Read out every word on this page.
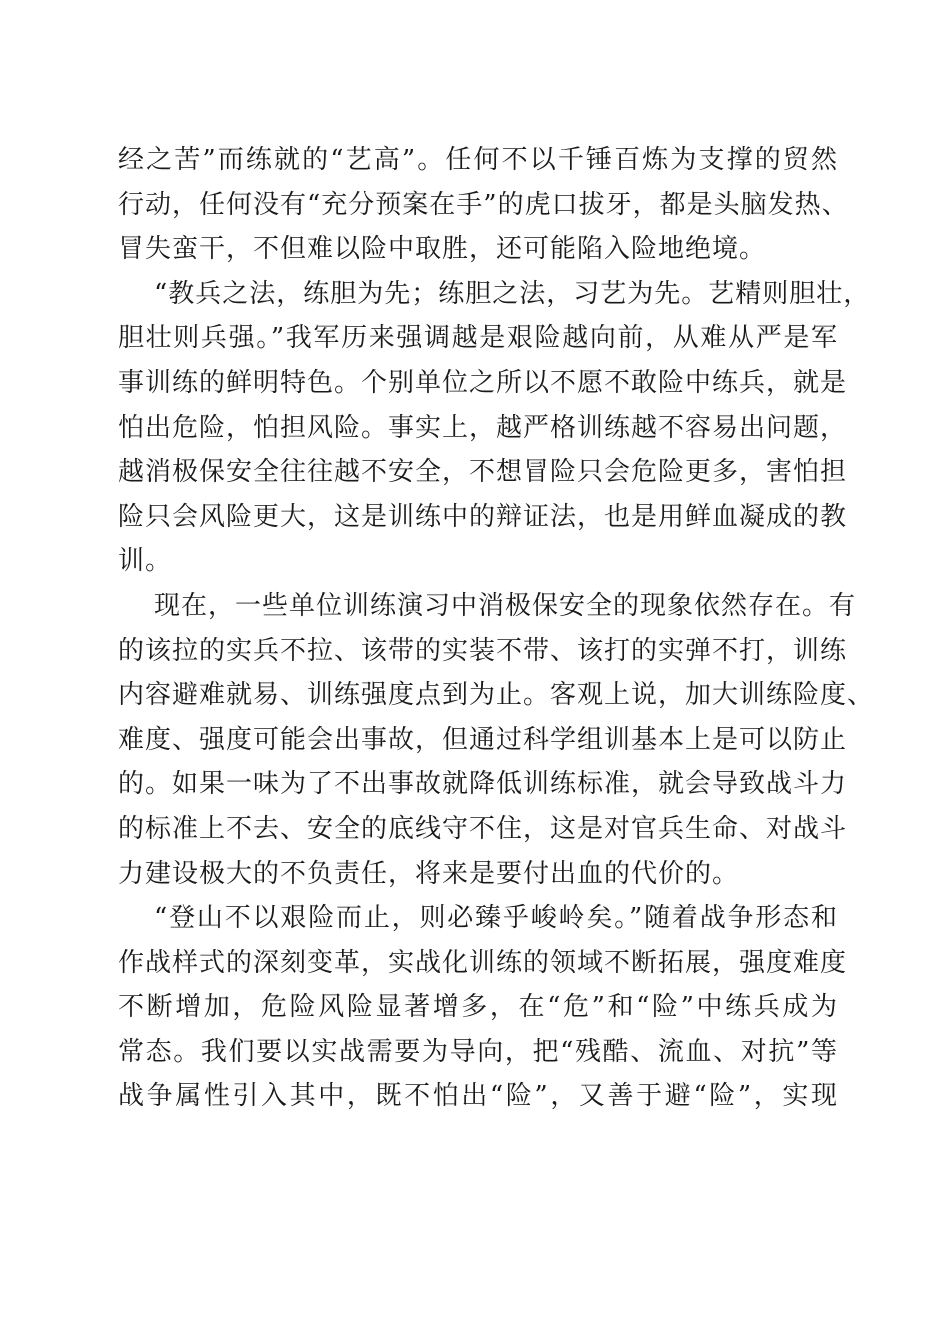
经之苦”而练就的“艺高”。任何不以千锤百炼为支撑的贸然
行动，任何没有“充分预案在手”的虎口拔牙，都是头脑发热、
冒失蛮干，不但难以险中取胜，还可能陷入险地绝境。
“教兵之法，练胆为先；练胆之法，习艺为先。艺精则胆壮，
胆壮则兵强。”我军历来强调越是艰险越向前，从难从严是军
事训练的鲜明特色。个别单位之所以不愿不敢险中练兵，就是
怕出危险，怕担风险。事实上，越严格训练越不容易出问题，
越消极保安全往往越不安全，不想冒险只会危险更多，害怕担
险只会风险更大，这是训练中的辩证法，也是用鲜血凝成的教
训。
现在，一些单位训练演习中消极保安全的现象依然存在。有
的该拉的实兵不拉、该带的实装不带、该打的实弹不打，训练
内容避难就易、训练强度点到为止。客观上说，加大训练险度、
难度、强度可能会出事故，但通过科学组训基本上是可以防止
的。如果一味为了不出事故就降低训练标准，就会导致战斗力
的标准上不去、安全的底线守不住，这是对官兵生命、对战斗
力建设极大的不负责任，将来是要付出血的代价的。
“登山不以艰险而止，则必臻乎峻岭矣。”随着战争形态和
作战样式的深刻变革，实战化训练的领域不断拓展，强度难度
不断增加，危险风险显著增多，在“危”和“险”中练兵成为
常态。我们要以实战需要为导向，把“残酷、流血、对抗”等
战争属性引入其中，既不怕出“险”，又善于避“险”，实现
